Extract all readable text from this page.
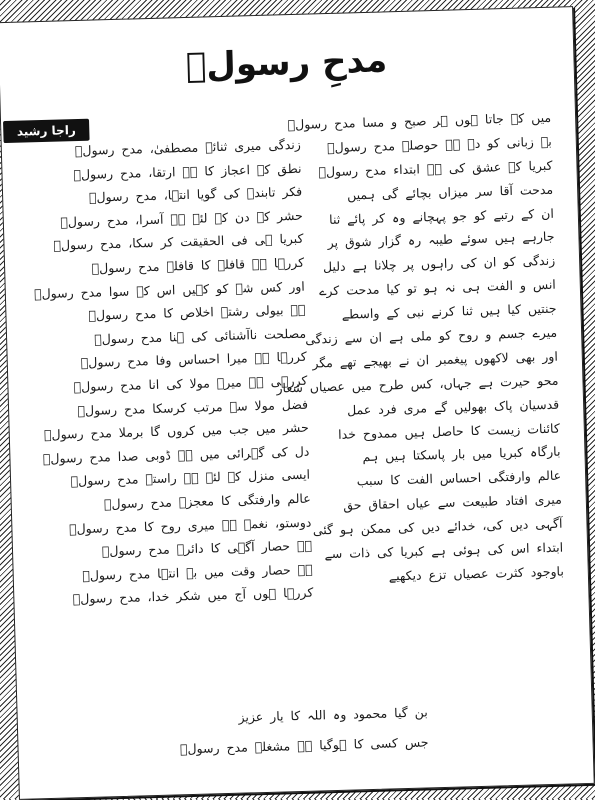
مدحِ رسولؐ
راجا رشید محمود
میں کے جاتا ہوں ہر صبح و مسا مدح رسولؐ
بے زبانی کو دے ہے حوصلہ مدح رسولؐ
کبریا کے عشق کی ہے ابتداء مدح رسولؐ
مدحت آقا سر میزاں بچائے گی ہمیں
ان کے رتبے کو جو پہچانے وہ کر پائے ثنا
جارہے ہیں سوئے طیبہ رہ گزار شوق پر
زندگی کو ان کی راہوں پر چلانا ہے دلیل
انس و الفت ہی نہ ہو تو کیا مدحت کرے
جنتیں کیا ہیں ثنا کرنے نبی کے واسطے
میرے جسم و روح کو ملی ہے ان سے زندگی
اور بھی لاکھوں پیغمبر ان نے بھیجے تھے مگر
محو حیرت ہے جہاں، کس طرح میں عصیاں شعار
قدسیان پاک بھولیں گے مری فرد عمل
کائنات زیست کا حاصل ہیں ممدوح خدا
بارگاہ کبریا میں بار پاسکتا ہیں ہم
عالم وارفتگی احساس الفت کا سبب
میری افتاد طبیعت سے عیاں احقاق حق
آگہی دیں کی، خدائے دیں کی ممکن ہو گئی
ابتداء اس کی ہوئی ہے کبریا کی ذات سے
باوجود کثرت عصیاں تزع دیکھیے
زندگی میری ثنائے مصطفیٰ، مدح رسولؐ
نطق کے اعجاز کا ہے ارتقا، مدح رسولؐ
فکر تابندہ کی گویا انتہا، مدح رسولؐ
حشر کے دن کے لئے ہے آسرا، مدح رسولؐ
کبریا ہی فی الحقیقت کر سکا، مدح رسولؐ
کررہا ہے قافلہ کا قافلہ مدح رسولؐ
اور کس شے کو کہیں اس کے سوا مدح رسولؐ
ہے بیولی رشتہ اخلاص کا مدح رسولؐ
مصلحت ناآشنائی کی ہنا مدح رسولؐ
کررہا ہے میرا احساس وفا مدح رسولؐ
کررہی ہے میرے مولا کی انا مدح رسولؐ
فضل مولا سے مرتب کرسکا مدح رسولؐ
حشر میں جب میں کروں گا برملا مدح رسولؐ
دل کی گہرائی میں ہے ڈوبی صدا مدح رسولؐ
ایسی منزل کے لئے ہے راستہ مدح رسولؐ
عالم وارفتگی کا معجزہ مدح رسولؐ
دوستو، نغمہ ہے میری روح کا مدح رسولؐ
ہے حصار آگہی کا دائرہ مدح رسولؐ
ہے حصار وقت میں بے انتہا مدح رسولؐ
کررہا ہوں آج میں شکر خدا، مدح رسولؐ
بن گیا محمود وہ اللہ کا یار عزیز
جس کسی کا ہوگیا ہے مشغلہ مدح رسولؐ
